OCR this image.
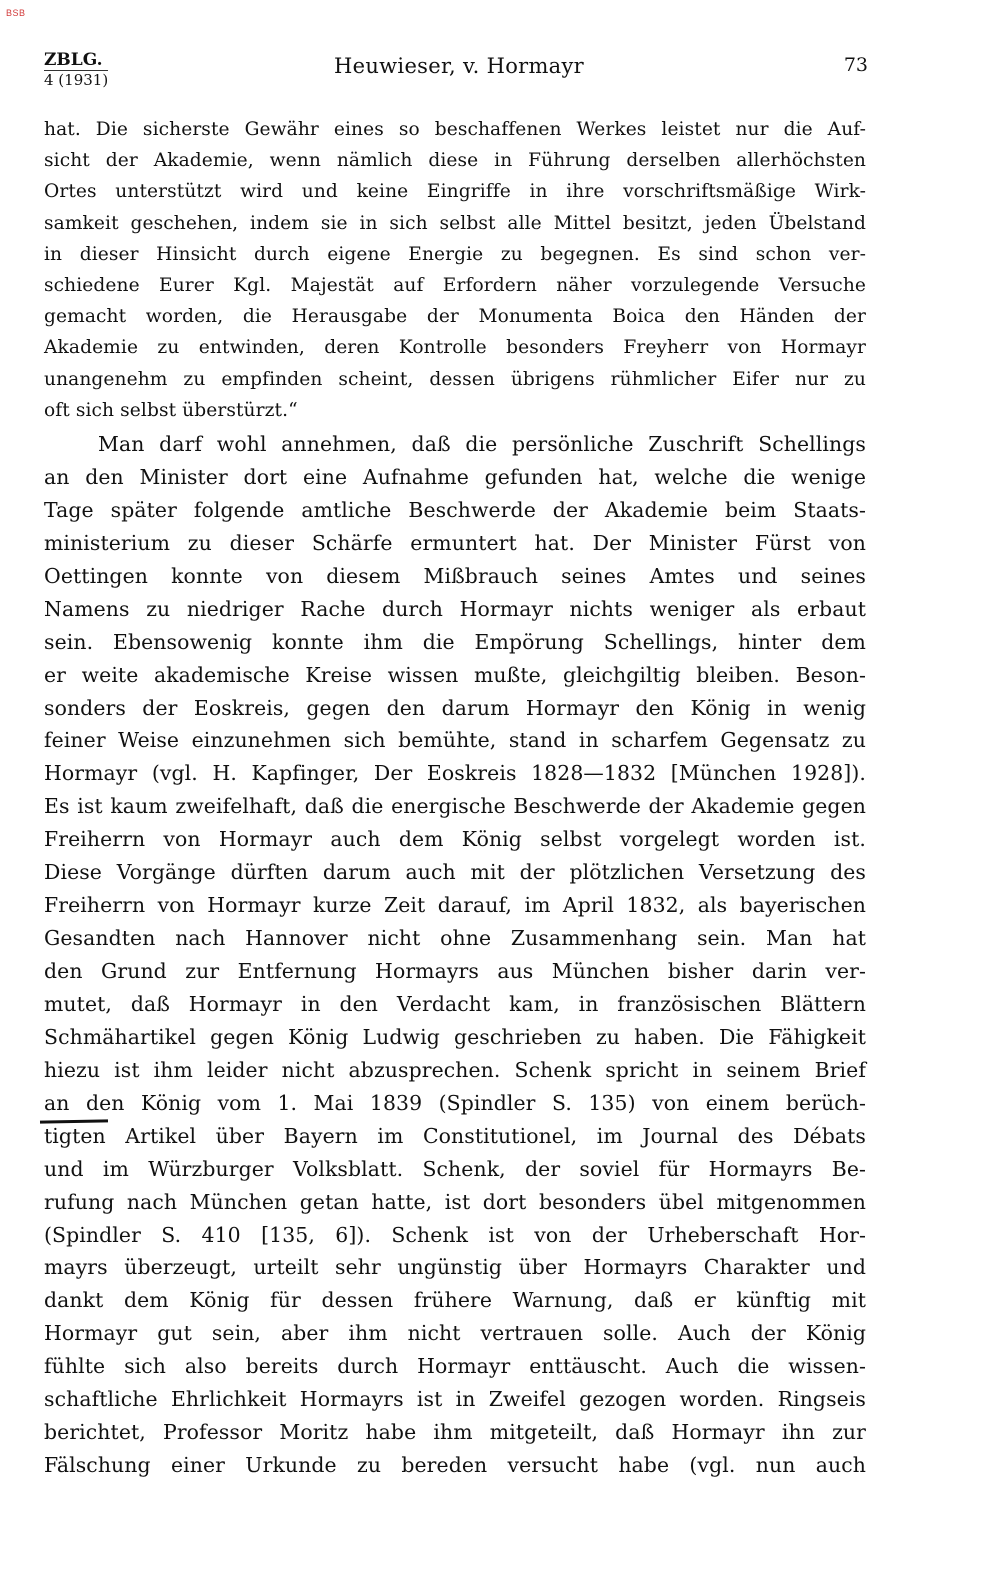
BSB
ZBLG.
4 (1931)
Heuwieser, v. Hormayr	73
hat. Die sicherste Gewähr eines so beschaffenen Werkes leistet nur die Auf-
sicht der Akademie, wenn nämlich diese in Führung derselben allerhöchsten
Ortes unterstützt wird und keine Eingriffe in ihre vorschriftsmäßige Wirk-
samkeit geschehen, indem sie in sich selbst alle Mittel besitzt, jeden Übelstand
in dieser Hinsicht durch eigene Energie zu begegnen. Es sind schon ver-
schiedene Eurer Kgl. Majestät auf Erfordern näher vorzulegende Versuche
gemacht worden, die Herausgabe der Monumenta Boica den Händen der
Akademie zu entwinden, deren Kontrolle besonders Freyherr von Hormayr
unangenehm zu empfinden scheint, dessen übrigens rühmlicher Eifer nur zu
oft sich selbst überstürzt.“
Man darf wohl annehmen, daß die persönliche Zuschrift Schellings
an den Minister dort eine Aufnahme gefunden hat, welche die wenige
Tage später folgende amtliche Beschwerde der Akademie beim Staats-
ministerium zu dieser Schärfe ermuntert hat. Der Minister Fürst von
Oettingen konnte von diesem Mißbrauch seines Amtes und seines
Namens zu niedriger Rache durch Hormayr nichts weniger als erbaut
sein. Ebensowenig konnte ihm die Empörung Schellings, hinter dem
er weite akademische Kreise wissen mußte, gleichgiltig bleiben. Beson-
sonders der Eoskreis, gegen den darum Hormayr den König in wenig
feiner Weise einzunehmen sich bemühte, stand in scharfem Gegensatz zu
Hormayr (vgl. H. Kapfinger, Der Eoskreis 1828—1832 [München 1928]).
Es ist kaum zweifelhaft, daß die energische Beschwerde der Akademie gegen
Freiherrn von Hormayr auch dem König selbst vorgelegt worden ist.
Diese Vorgänge dürften darum auch mit der plötzlichen Versetzung des
Freiherrn von Hormayr kurze Zeit darauf, im April 1832, als bayerischen
Gesandten nach Hannover nicht ohne Zusammenhang sein. Man hat
den Grund zur Entfernung Hormayrs aus München bisher darin ver-
mutet, daß Hormayr in den Verdacht kam, in französischen Blättern
Schmähartikel gegen König Ludwig geschrieben zu haben. Die Fähigkeit
hiezu ist ihm leider nicht abzusprechen. Schenk spricht in seinem Brief
an den König vom 1. Mai 1839 (Spindler S. 135) von einem berüch-
tigten Artikel über Bayern im Constitutionel, im Journal des Débats
und im Würzburger Volksblatt. Schenk, der soviel für Hormayrs Be-
rufung nach München getan hatte, ist dort besonders übel mitgenommen
(Spindler S. 410 [135, 6]). Schenk ist von der Urheberschaft Hor-
mayrs überzeugt, urteilt sehr ungünstig über Hormayrs Charakter und
dankt dem König für dessen frühere Warnung, daß er künftig mit
Hormayr gut sein, aber ihm nicht vertrauen solle. Auch der König
fühlte sich also bereits durch Hormayr enttäuscht. Auch die wissen-
schaftliche Ehrlichkeit Hormayrs ist in Zweifel gezogen worden. Ringseis
berichtet, Professor Moritz habe ihm mitgeteilt, daß Hormayr ihn zur
Fälschung einer Urkunde zu bereden versucht habe (vgl. nun auch
